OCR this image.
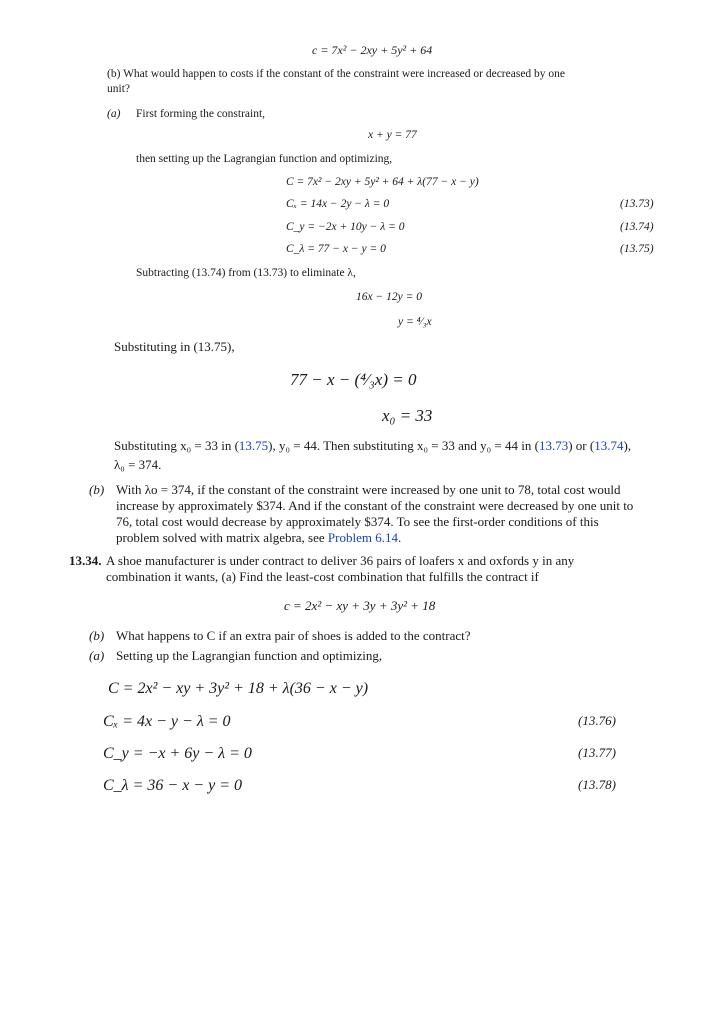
c = 7x² − 2xy + 5y² + 64
(b) What would happen to costs if the constant of the constraint were increased or decreased by one
unit?
(a) First forming the constraint,
x + y = 77
then setting up the Lagrangian function and optimizing,
C = 7x² − 2xy + 5y² + 64 + λ(77 − x − y)
Cₓ = 14x − 2y − λ = 0	(13.73)
C_y = −2x + 10y − λ = 0	(13.74)
C_λ = 77 − x − y = 0	(13.75)
Subtracting (13.74) from (13.73) to eliminate λ,
16x − 12y = 0
y = ⁴⁄₃x
Substituting in (13.75),
77 − x − (⁴⁄₃x) = 0
x₀ = 33
Substituting x₀ = 33 in (13.75), y₀ = 44. Then substituting x₀ = 33 and y₀ = 44 in (13.73) or (13.74),
λ₀ = 374.
(b) With λo = 374, if the constant of the constraint were increased by one unit to 78, total cost would
increase by approximately $374. And if the constant of the constraint were decreased by one unit to
76, total cost would decrease by approximately $374. To see the first-order conditions of this
problem solved with matrix algebra, see Problem 6.14.
13.34. A shoe manufacturer is under contract to deliver 36 pairs of loafers x and oxfords y in any
combination it wants, (a) Find the least-cost combination that fulfills the contract if
c = 2x² − xy + 3y + 3y² + 18
(b) What happens to C if an extra pair of shoes is added to the contract?
(a) Setting up the Lagrangian function and optimizing,
C = 2x² − xy + 3y² + 18 + λ(36 − x − y)
Cₓ = 4x − y − λ = 0	(13.76)
C_y = −x + 6y − λ = 0	(13.77)
C_λ = 36 − x − y = 0	(13.78)
